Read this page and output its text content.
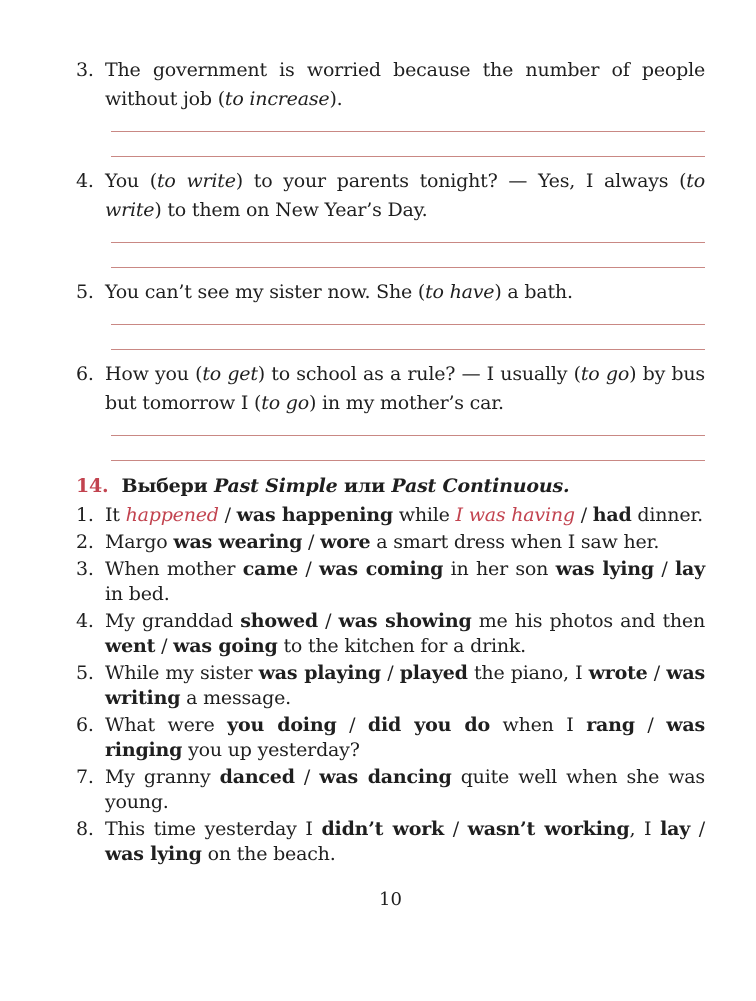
3. The government is worried because the number of people without job (to increase).
4. You (to write) to your parents tonight? — Yes, I always (to write) to them on New Year’s Day.
5. You can’t see my sister now. She (to have) a bath.
6. How you (to get) to school as a rule? — I usually (to go) by bus but tomorrow I (to go) in my mother’s car.
14. Выбери Past Simple или Past Continuous.
1. It happened / was happening while I was having / had dinner.
2. Margo was wearing / wore a smart dress when I saw her.
3. When mother came / was coming in her son was lying / lay in bed.
4. My granddad showed / was showing me his photos and then went / was going to the kitchen for a drink.
5. While my sister was playing / played the piano, I wrote / was writing a message.
6. What were you doing / did you do when I rang / was ringing you up yesterday?
7. My granny danced / was dancing quite well when she was young.
8. This time yesterday I didn’t work / wasn’t working, I lay / was lying on the beach.
10
